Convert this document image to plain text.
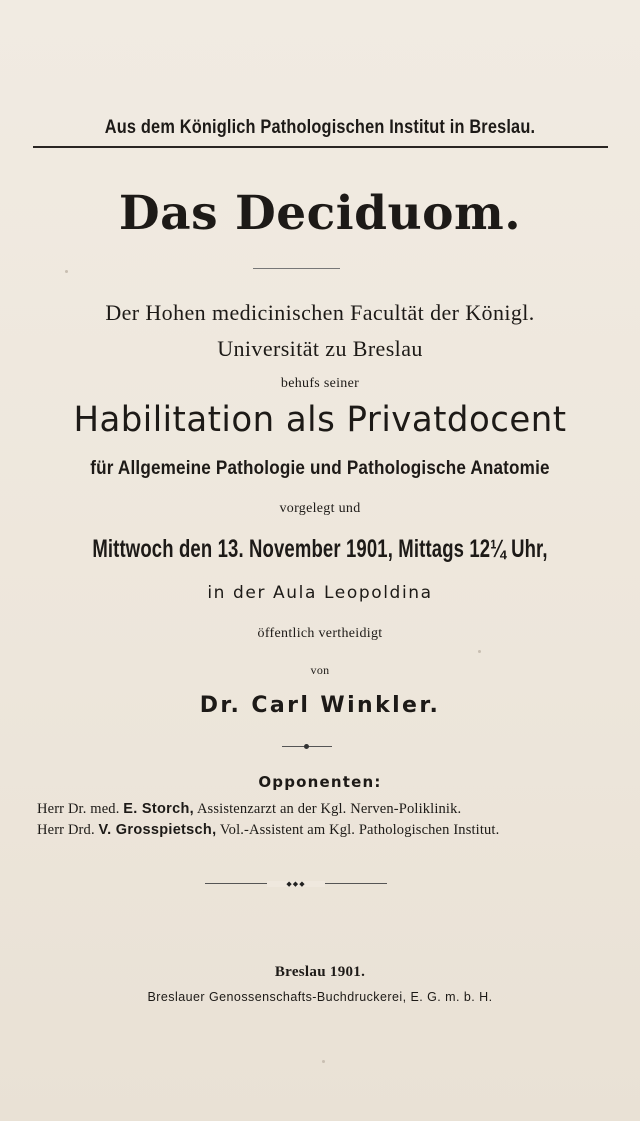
Aus dem Königlich Pathologischen Institut in Breslau.
Das Deciduom.
Der Hohen medicinischen Facultät der Königl.
Universität zu Breslau
behufs seiner
Habilitation als Privatdocent
für Allgemeine Pathologie und Pathologische Anatomie
vorgelegt und
Mittwoch den 13. November 1901, Mittags 12¼ Uhr,
in der Aula Leopoldina
öffentlich vertheidigt
von
Dr. Carl Winkler.
Opponenten:
Herr Dr. med. E. Storch, Assistenzarzt an der Kgl. Nerven-Poliklinik.
Herr Drd. V. Grosspietsch, Vol.-Assistent am Kgl. Pathologischen Institut.
◆◆◆
Breslau 1901.
Breslauer Genossenschafts-Buchdruckerei, E. G. m. b. H.
